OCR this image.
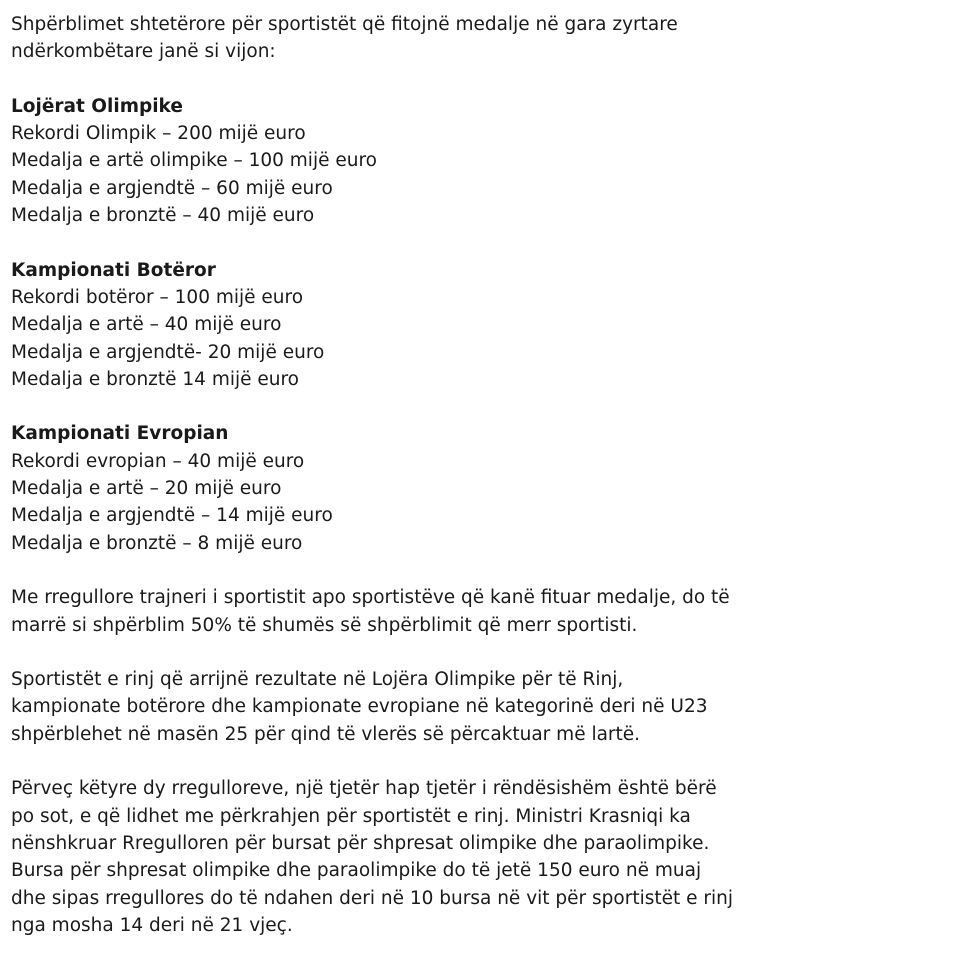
Shpërblimet shtetërore për sportistët që fitojnë medalje në gara zyrtare
ndërkombëtare janë si vijon:
Lojërat Olimpike
Rekordi Olimpik – 200 mijë euro
Medalja e artë olimpike – 100 mijë euro
Medalja e argjendtë – 60 mijë euro
Medalja e bronztë – 40 mijë euro
Kampionati Botëror
Rekordi botëror – 100 mijë euro
Medalja e artë – 40 mijë euro
Medalja e argjendtë- 20 mijë euro
Medalja e bronztë 14 mijë euro
Kampionati Evropian
Rekordi evropian – 40 mijë euro
Medalja e artë – 20 mijë euro
Medalja e argjendtë – 14 mijë euro
Medalja e bronztë – 8 mijë euro
Me rregullore trajneri i sportistit apo sportistëve që kanë fituar medalje, do të
marrë si shpërblim 50% të shumës së shpërblimit që merr sportisti.
Sportistët e rinj që arrijnë rezultate në Lojëra Olimpike për të Rinj,
kampionate botërore dhe kampionate evropiane në kategorinë deri në U23
shpërblehet në masën 25 për qind të vlerës së përcaktuar më lartë.
Përveç këtyre dy rregulloreve, një tjetër hap tjetër i rëndësishëm është bërë
po sot, e që lidhet me përkrahjen për sportistët e rinj. Ministri Krasniqi ka
nënshkruar Rregulloren për bursat për shpresat olimpike dhe paraolimpike.
Bursa për shpresat olimpike dhe paraolimpike do të jetë 150 euro në muaj
dhe sipas rregullores do të ndahen deri në 10 bursa në vit për sportistët e rinj
nga mosha 14 deri në 21 vjeç.
